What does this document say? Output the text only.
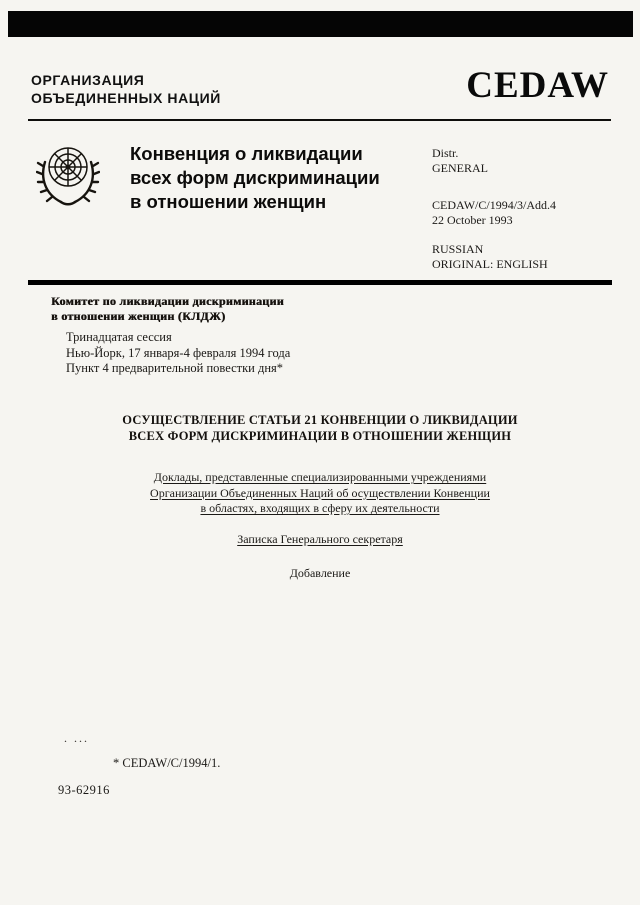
ОРГАНИЗАЦИЯ
ОБЪЕДИНЕННЫХ НАЦИЙ	CEDAW
Конвенция о ликвидации
всех форм дискриминации
в отношении женщин
Distr.
GENERAL
CEDAW/C/1994/3/Add.4
22 October 1993
RUSSIAN
ORIGINAL: ENGLISH
Комитет по ликвидации дискриминации
в отношении женщин (КЛДЖ)
Тринадцатая сессия
Нью-Йорк, 17 января-4 февраля 1994 года
Пункт 4 предварительной повестки дня*
ОСУЩЕСТВЛЕНИЕ СТАТЬИ 21 КОНВЕНЦИИ О ЛИКВИДАЦИИ
ВСЕХ ФОРМ ДИСКРИМИНАЦИИ В ОТНОШЕНИИ ЖЕНЩИН
Доклады, представленные специализированными учреждениями
Организации Объединенных Наций об осуществлении Конвенции
в областях, входящих в сферу их деятельности
Записка Генерального секретаря
Добавление
. ...
* CEDAW/C/1994/1.
93-62916
